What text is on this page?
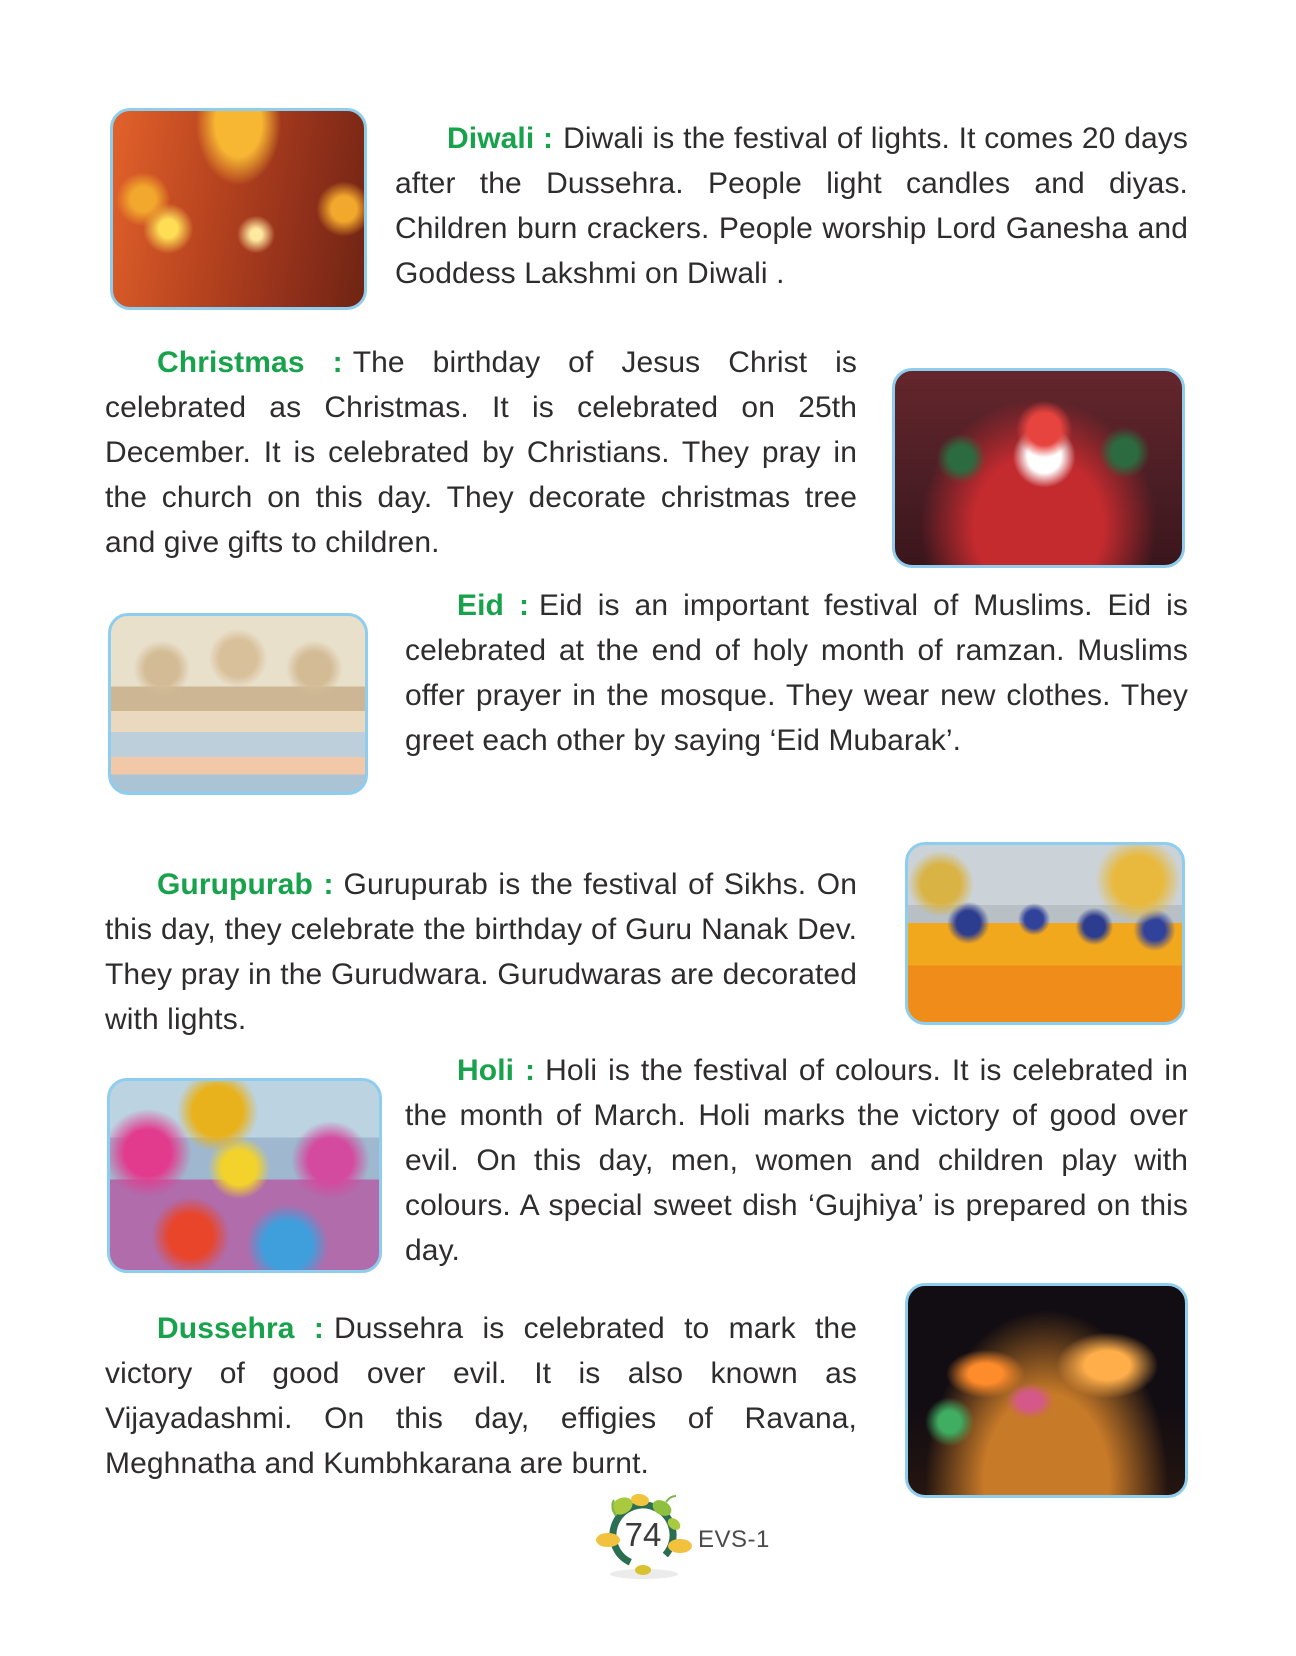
Diwali : Diwali is the festival of lights. It comes 20 days after the Dussehra. People light candles and diyas. Children burn crackers. People worship Lord Ganesha and Goddess Lakshmi on Diwali .

Christmas : The birthday of Jesus Christ is celebrated as Christmas. It is celebrated on 25th December. It is celebrated by Christians. They pray in the church on this day. They decorate christmas tree and give gifts to children.

Eid : Eid is an important festival of Muslims. Eid is celebrated at the end of holy month of ramzan. Muslims offer prayer in the mosque. They wear new clothes. They greet each other by saying ‘Eid Mubarak’.

Gurupurab : Gurupurab is the festival of Sikhs. On this day, they celebrate the birthday of Guru Nanak Dev. They pray in the Gurudwara. Gurudwaras are decorated with lights.

Holi : Holi is the festival of colours. It is celebrated in the month of March. Holi marks the victory of good over evil. On this day, men, women and children play with colours. A special sweet dish ‘Gujhiya’ is prepared on this day.

Dussehra : Dussehra is celebrated to mark the victory of good over evil. It is also known as Vijayadashmi. On this day, effigies of Ravana, Meghnatha and Kumbhkarana are burnt.

74	EVS-1
